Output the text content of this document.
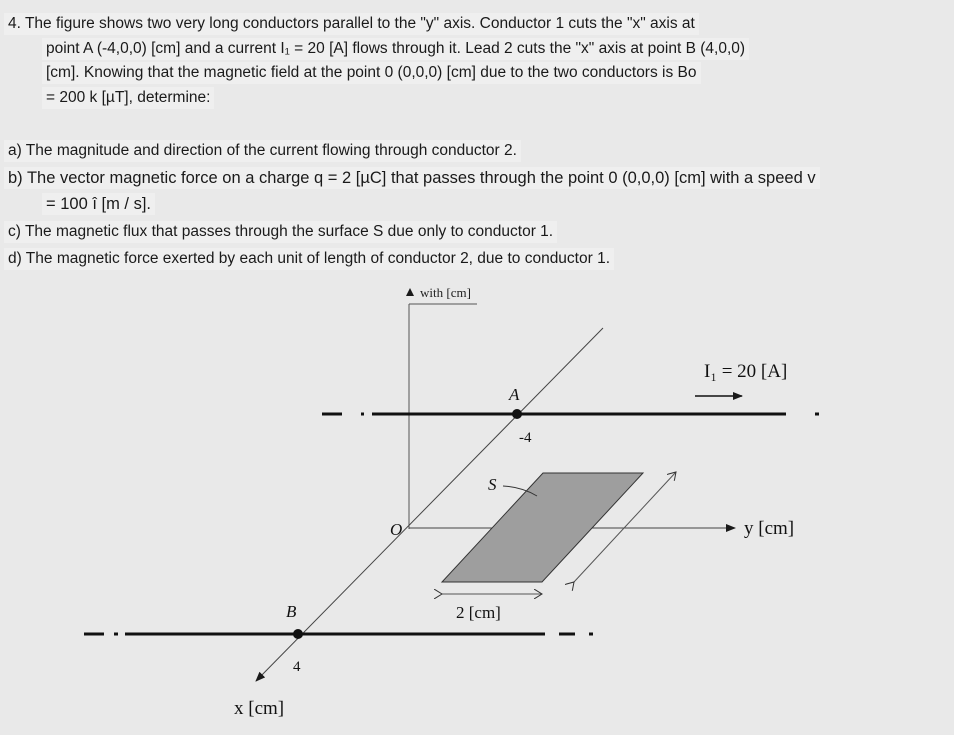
4. The figure shows two very long conductors parallel to the "y" axis. Conductor 1 cuts the "x" axis at
point A (-4,0,0) [cm] and a current I₁ = 20 [A] flows through it. Lead 2 cuts the "x" axis at point B (4,0,0)
[cm]. Knowing that the magnetic field at the point 0 (0,0,0) [cm] due to the two conductors is Bo
= 200 k [µT], determine:
a) The magnitude and direction of the current flowing through conductor 2.
b) The vector magnetic force on a charge q = 2 [µC] that passes through the point 0 (0,0,0) [cm] with a speed v
= 100 î [m / s].
c) The magnetic flux that passes through the surface S due only to conductor 1.
d) The magnetic force exerted by each unit of length of conductor 2, due to conductor 1.
with [cm]
I₁ = 20 [A]
A
-4
S
2 [cm]
O	y [cm]
B
4
x [cm]
